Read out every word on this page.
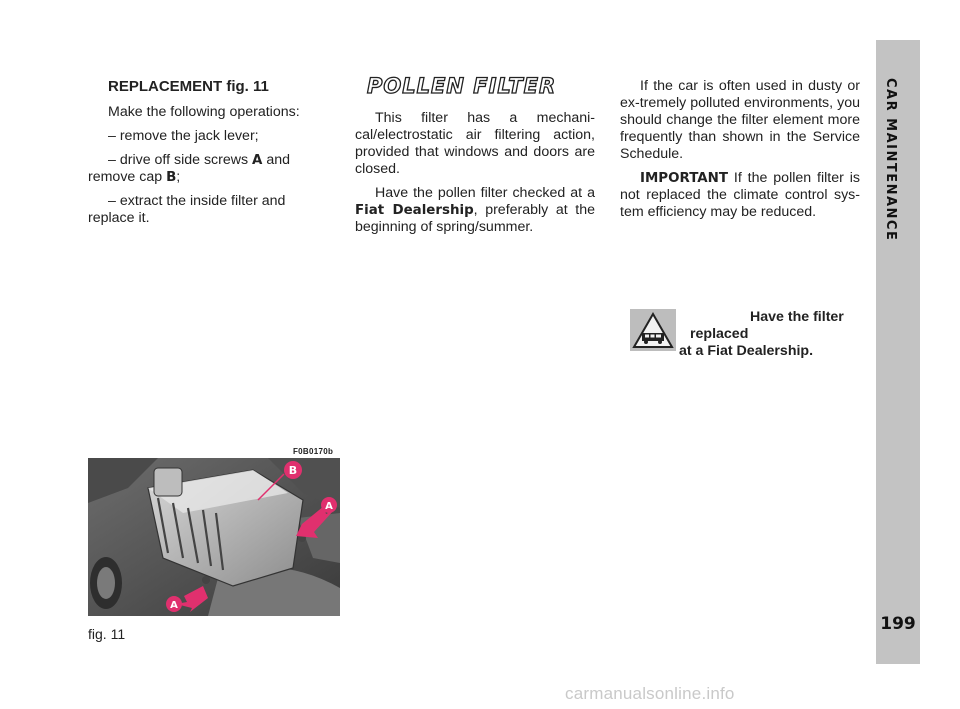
REPLACEMENT fig. 11

Make the following operations:

– remove the jack lever;

– drive off side screws A and remove cap B;

– extract the inside filter and replace it.

POLLEN FILTER

This filter has a mechani-cal/electrostatic air filtering action, provided that windows and doors are closed.

Have the pollen filter checked at a Fiat Dealership, preferably at the beginning of spring/summer.

If the car is often used in dusty or ex-tremely polluted environments, you should change the filter element more frequently than shown in the Service Schedule.

IMPORTANT If the pollen filter is not replaced the climate control sys-tem efficiency may be reduced.

Have the filter replaced
at a Fiat Dealership.
F0B0170b
B
A
A
fig. 11
CAR MAINTENANCE
199
carmanualsonline.info
